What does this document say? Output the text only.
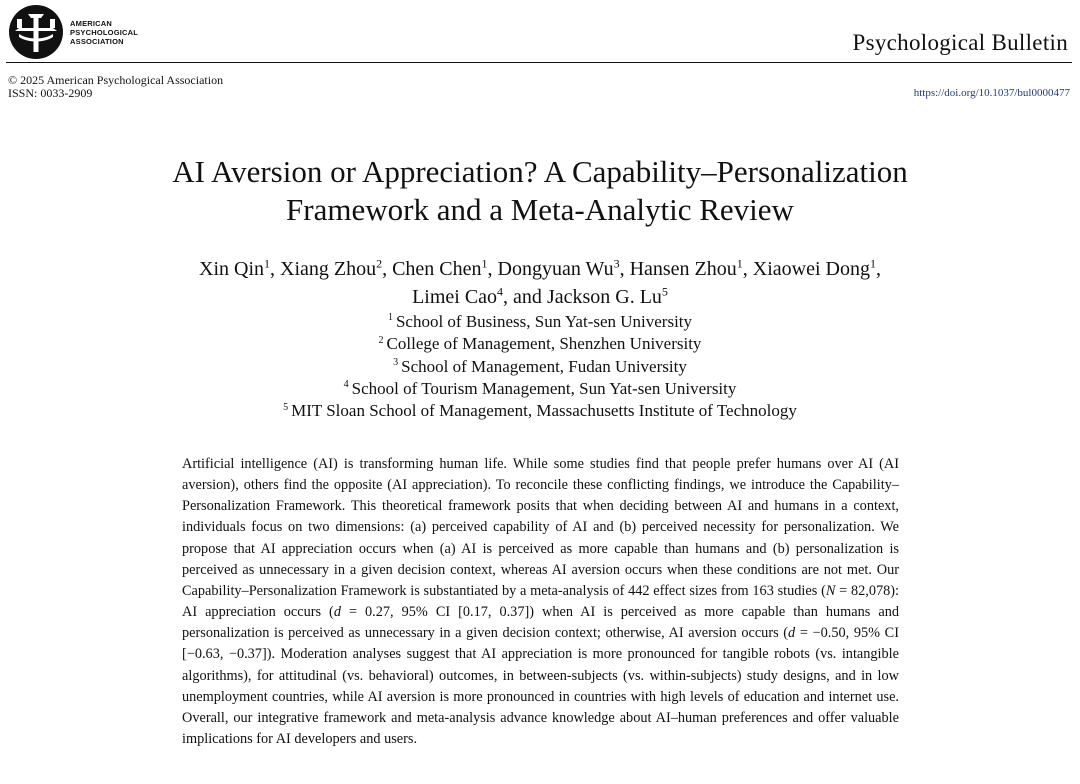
AMERICAN
PSYCHOLOGICAL
ASSOCIATION	Psychological Bulletin
© 2025 American Psychological Association
ISSN: 0033-2909	https://doi.org/10.1037/bul0000477
AI Aversion or Appreciation? A Capability–Personalization
Framework and a Meta-Analytic Review
Xin Qin$^1$, Xiang Zhou$^2$, Chen Chen$^1$, Dongyuan Wu$^3$, Hansen Zhou$^1$, Xiaowei Dong$^1$,
Limei Cao$^4$, and Jackson G. Lu$^5$
$^1$ School of Business, Sun Yat-sen University
$^2$ College of Management, Shenzhen University
$^3$ School of Management, Fudan University
$^4$ School of Tourism Management, Sun Yat-sen University
$^5$ MIT Sloan School of Management, Massachusetts Institute of Technology
Artificial intelligence (AI) is transforming human life. While some studies find that people prefer humans over AI (AI aversion), others find the opposite (AI appreciation). To reconcile these conflicting findings, we introduce the Capability–Personalization Framework. This theoretical framework posits that when deciding between AI and humans in a context, individuals focus on two dimensions: (a) perceived capability of AI and (b) perceived necessity for personalization. We propose that AI appreciation occurs when (a) AI is perceived as more capable than humans and (b) personalization is perceived as unnecessary in a given decision context, whereas AI aversion occurs when these conditions are not met. Our Capability–Personalization Framework is substantiated by a meta-analysis of 442 effect sizes from 163 studies (N = 82,078): AI appreciation occurs (d = 0.27, 95% CI [0.17, 0.37]) when AI is perceived as more capable than humans and personalization is perceived as unnecessary in a given decision context; otherwise, AI aversion occurs (d = −0.50, 95% CI [−0.63, −0.37]). Moderation analyses suggest that AI appreciation is more pronounced for tangible robots (vs. intangible algorithms), for attitudinal (vs. behavioral) outcomes, in between-subjects (vs. within-subjects) study designs, and in low unemployment countries, while AI aversion is more pronounced in countries with high levels of education and internet use. Overall, our integrative framework and meta-analysis advance knowledge about AI–human preferences and offer valuable implications for AI developers and users.
